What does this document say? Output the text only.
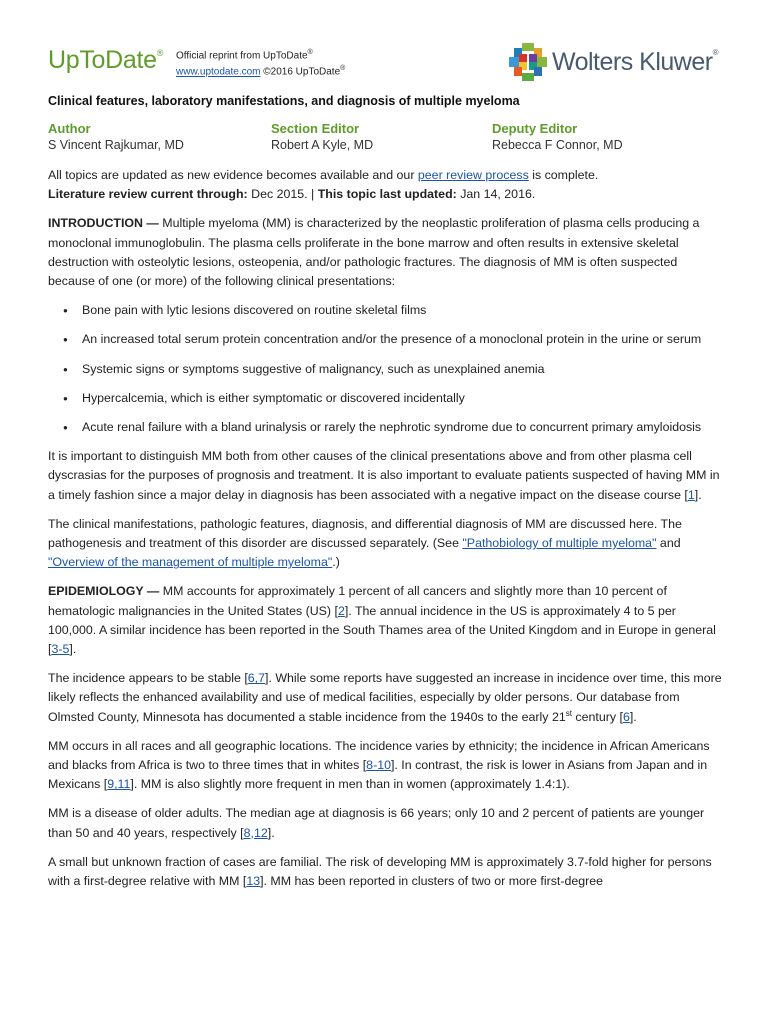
UpToDate® Official reprint from UpToDate®
www.uptodate.com ©2016 UpToDate®	Wolters Kluwer®
Clinical features, laboratory manifestations, and diagnosis of multiple myeloma
Author
S Vincent Rajkumar, MD
Section Editor
Robert A Kyle, MD
Deputy Editor
Rebecca F Connor, MD

All topics are updated as new evidence becomes available and our peer review process is complete.
Literature review current through: Dec 2015. | This topic last updated: Jan 14, 2016.

INTRODUCTION — Multiple myeloma (MM) is characterized by the neoplastic proliferation of plasma cells producing a monoclonal immunoglobulin. The plasma cells proliferate in the bone marrow and often results in extensive skeletal destruction with osteolytic lesions, osteopenia, and/or pathologic fractures. The diagnosis of MM is often suspected because of one (or more) of the following clinical presentations:

● Bone pain with lytic lesions discovered on routine skeletal films
● An increased total serum protein concentration and/or the presence of a monoclonal protein in the urine or serum
● Systemic signs or symptoms suggestive of malignancy, such as unexplained anemia
● Hypercalcemia, which is either symptomatic or discovered incidentally
● Acute renal failure with a bland urinalysis or rarely the nephrotic syndrome due to concurrent primary amyloidosis

It is important to distinguish MM both from other causes of the clinical presentations above and from other plasma cell dyscrasias for the purposes of prognosis and treatment. It is also important to evaluate patients suspected of having MM in a timely fashion since a major delay in diagnosis has been associated with a negative impact on the disease course [1].

The clinical manifestations, pathologic features, diagnosis, and differential diagnosis of MM are discussed here. The pathogenesis and treatment of this disorder are discussed separately. (See "Pathobiology of multiple myeloma" and "Overview of the management of multiple myeloma".)

EPIDEMIOLOGY — MM accounts for approximately 1 percent of all cancers and slightly more than 10 percent of hematologic malignancies in the United States (US) [2]. The annual incidence in the US is approximately 4 to 5 per 100,000. A similar incidence has been reported in the South Thames area of the United Kingdom and in Europe in general [3-5].

The incidence appears to be stable [6,7]. While some reports have suggested an increase in incidence over time, this more likely reflects the enhanced availability and use of medical facilities, especially by older persons. Our database from Olmsted County, Minnesota has documented a stable incidence from the 1940s to the early 21st century [6].

MM occurs in all races and all geographic locations. The incidence varies by ethnicity; the incidence in African Americans and blacks from Africa is two to three times that in whites [8-10]. In contrast, the risk is lower in Asians from Japan and in Mexicans [9,11]. MM is also slightly more frequent in men than in women (approximately 1.4:1).

MM is a disease of older adults. The median age at diagnosis is 66 years; only 10 and 2 percent of patients are younger than 50 and 40 years, respectively [8,12].

A small but unknown fraction of cases are familial. The risk of developing MM is approximately 3.7-fold higher for persons with a first-degree relative with MM [13]. MM has been reported in clusters of two or more first-degree
